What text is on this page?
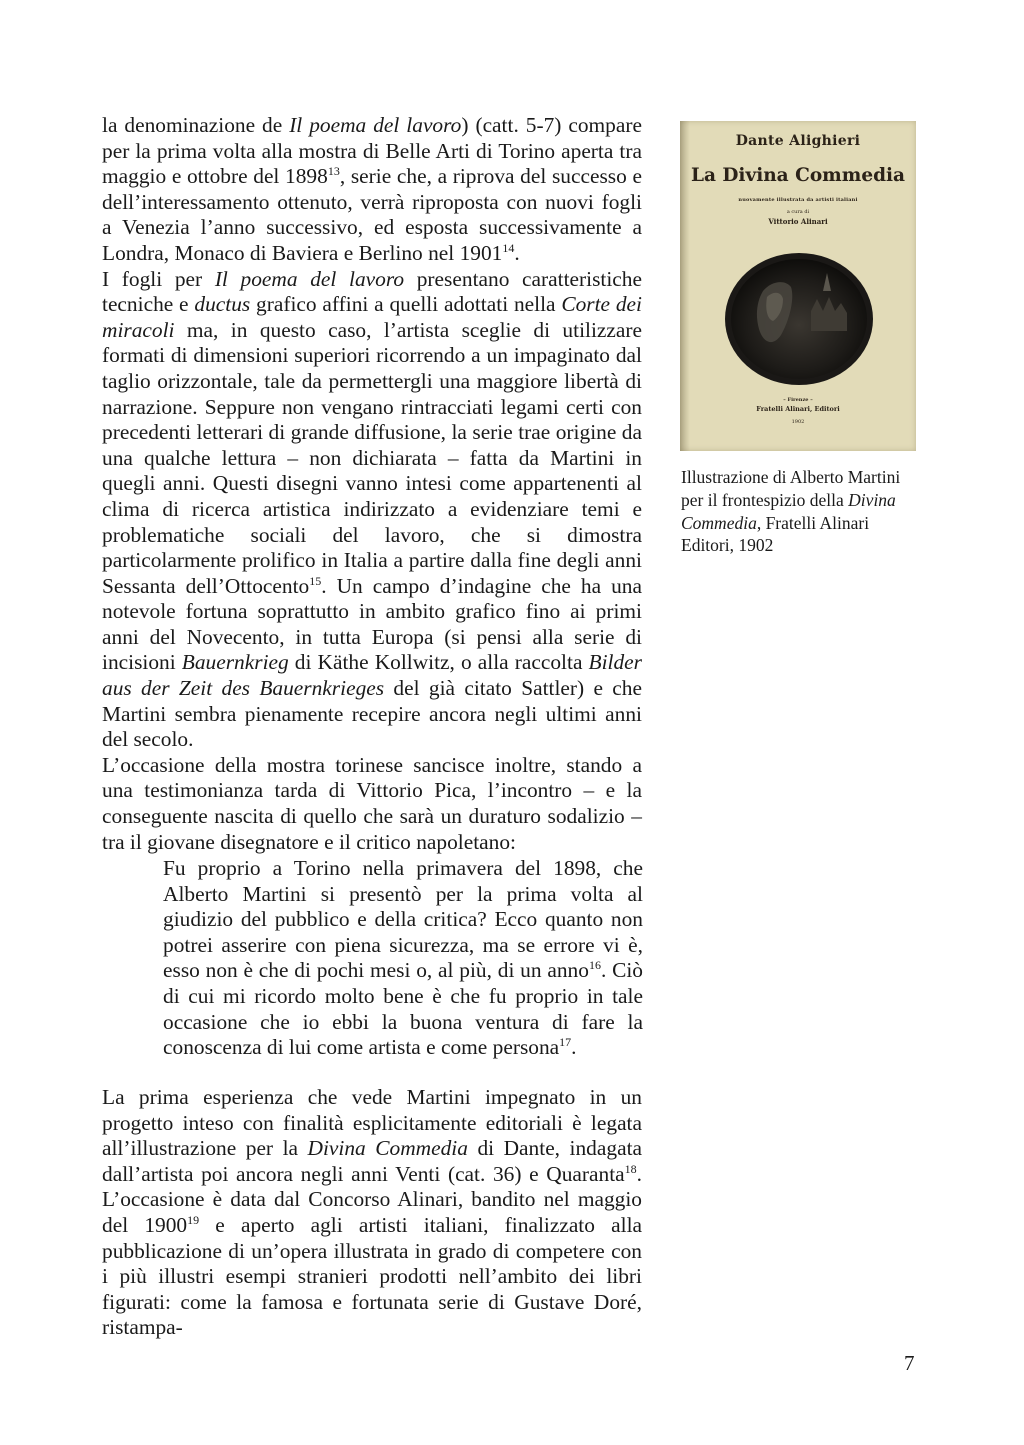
la denominazione de Il poema del lavoro) (catt. 5-7) compare per la prima volta alla mostra di Belle Arti di Torino aperta tra maggio e ottobre del 1898$^{13}$, serie che, a riprova del successo e dell’interessamento ottenuto, verrà riproposta con nuovi fogli a Venezia l’anno successivo, ed esposta successivamente a Londra, Monaco di Baviera e Berlino nel 1901$^{14}$.

I fogli per Il poema del lavoro presentano caratteristiche tecniche e ductus grafico affini a quelli adottati nella Corte dei miracoli ma, in questo caso, l’artista sceglie di utilizzare formati di dimensioni superiori ricorrendo a un impaginato dal taglio orizzontale, tale da permettergli una maggiore libertà di narrazione. Seppure non vengano rintracciati legami certi con precedenti letterari di grande diffusione, la serie trae origine da una qualche lettura – non dichiarata – fatta da Martini in quegli anni. Questi disegni vanno intesi come appartenenti al clima di ricerca artistica indirizzato a evidenziare temi e problematiche sociali del lavoro, che si dimostra particolarmente prolifico in Italia a partire dalla fine degli anni Sessanta dell’Ottocento$^{15}$. Un campo d’indagine che ha una notevole fortuna soprattutto in ambito grafico fino ai primi anni del Novecento, in tutta Europa (si pensi alla serie di incisioni Bauernkrieg di Käthe Kollwitz, o alla raccolta Bilder aus der Zeit des Bauernkrieges del già citato Sattler) e che Martini sembra pienamente recepire ancora negli ultimi anni del secolo.

L’occasione della mostra torinese sancisce inoltre, stando a una testimonianza tarda di Vittorio Pica, l’incontro – e la conseguente nascita di quello che sarà un duraturo sodalizio – tra il giovane disegnatore e il critico napoletano:

Fu proprio a Torino nella primavera del 1898, che Alberto Martini si presentò per la prima volta al giudizio del pubblico e della critica? Ecco quanto non potrei asserire con piena sicurezza, ma se errore vi è, esso non è che di pochi mesi o, al più, di un anno$^{16}$. Ciò di cui mi ricordo molto bene è che fu proprio in tale occasione che io ebbi la buona ventura di fare la conoscenza di lui come artista e come persona$^{17}$.

La prima esperienza che vede Martini impegnato in un progetto inteso con finalità esplicitamente editoriali è legata all’illustrazione per la Divina Commedia di Dante, indagata dall’artista poi ancora negli anni Venti (cat. 36) e Quaranta$^{18}$. L’occasione è data dal Concorso Alinari, bandito nel maggio del 1900$^{19}$ e aperto agli artisti italiani, finalizzato alla pubblicazione di un’opera illustrata in grado di competere con i più illustri esempi stranieri prodotti nell’ambito dei libri figurati: come la famosa e fortunata serie di Gustave Doré, ristampa-

Dante Alighieri
La Divina Commedia
nuovamente illustrata da artisti italiani
a cura di
Vittorio Alinari
– Firenze –
Fratelli Alinari, Editori
1902

Illustrazione di Alberto Martini per il frontespizio della Divina Commedia, Fratelli Alinari Editori, 1902

7
